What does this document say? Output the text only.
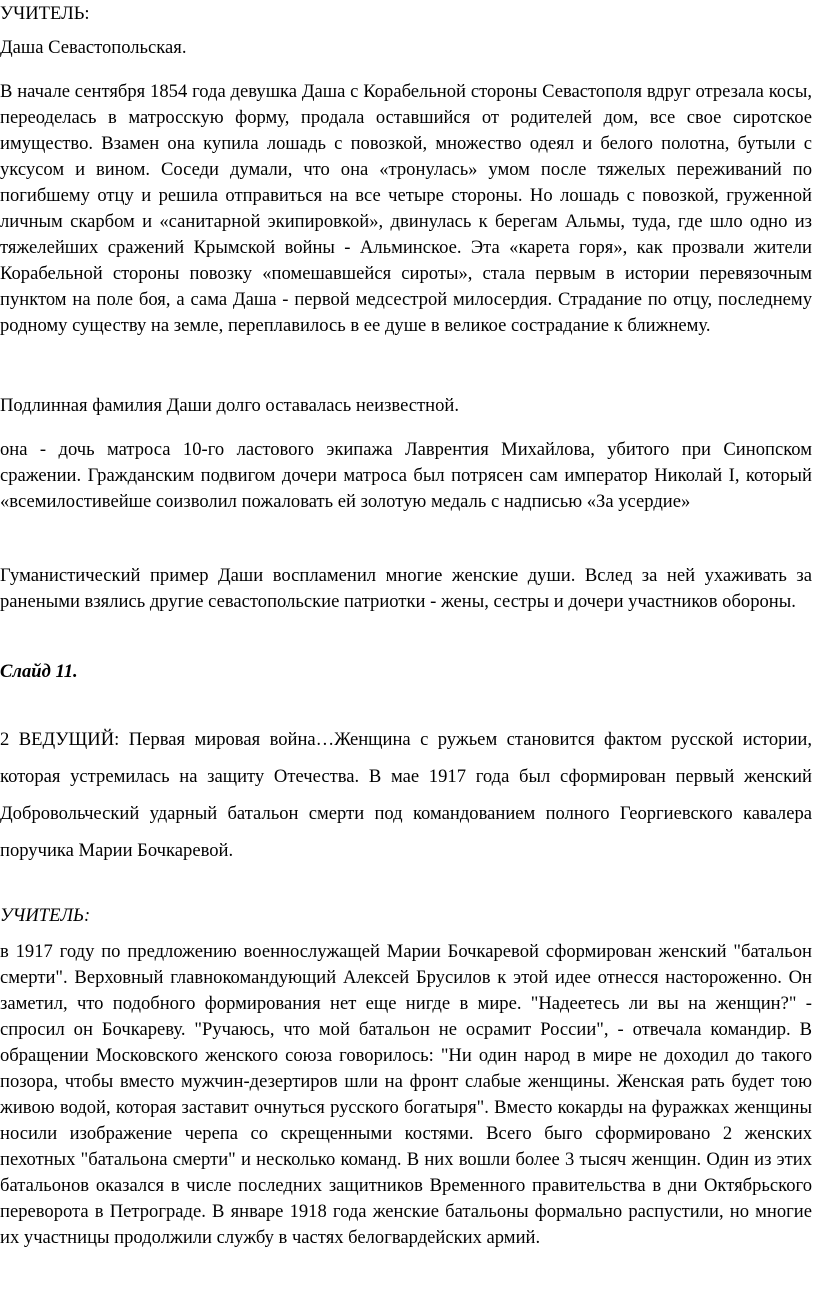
УЧИТЕЛЬ:

Даша Севастопольская.

В начале сентября 1854 года девушка Даша с Корабельной стороны Севастополя вдруг отрезала косы, переоделась в матросскую форму, продала оставшийся от родителей дом, все свое сиротское имущество. Взамен она купила лошадь с повозкой, множество одеял и белого полотна, бутыли с уксусом и вином. Соседи думали, что она «тронулась» умом после тяжелых переживаний по погибшему отцу и решила отправиться на все четыре стороны. Но лошадь с повозкой, груженной личным скарбом и «санитарной экипировкой», двинулась к берегам Альмы, туда, где шло одно из тяжелейших сражений Крымской войны - Альминское. Эта «карета горя», как прозвали жители Корабельной стороны повозку «помешавшейся сироты», стала первым в истории перевязочным пунктом на поле боя, а сама Даша - первой медсестрой милосердия. Страдание по отцу, последнему родному существу на земле, переплавилось в ее душе в великое сострадание к ближнему.

Подлинная фамилия Даши долго оставалась неизвестной.

она - дочь матроса 10-го ластового экипажа Лаврентия Михайлова, убитого при Синопском сражении. Гражданским подвигом дочери матроса был потрясен сам император Николай I, который «всемилостивейше соизволил пожаловать ей золотую медаль с надписью «За усердие»

Гуманистический пример Даши воспламенил многие женские души. Вслед за ней ухаживать за ранеными взялись другие севастопольские патриотки - жены, сестры и дочери участников обороны.

Слайд 11.

2 ВЕДУЩИЙ: Первая мировая война…Женщина с ружьем становится фактом русской истории, которая устремилась на защиту Отечества. В мае 1917 года был сформирован первый женский Добровольческий ударный батальон смерти под командованием полного Георгиевского кавалера поручика Марии Бочкаревой.

УЧИТЕЛЬ:

в 1917 году по предложению военнослужащей Марии Бочкаревой сформирован женский "батальон смерти". Верховный главнокомандующий Алексей Брусилов к этой идее отнесся настороженно. Он заметил, что подобного формирования нет еще нигде в мире. "Надеетесь ли вы на женщин?" - спросил он Бочкареву. "Ручаюсь, что мой батальон не осрамит России", - отвечала командир. В обращении Московского женского союза говорилось: "Ни один народ в мире не доходил до такого позора, чтобы вместо мужчин-дезертиров шли на фронт слабые женщины. Женская рать будет тою живою водой, которая заставит очнуться русского богатыря". Вместо кокарды на фуражках женщины носили изображение черепа со скрещенными костями. Всего быго сформировано 2 женских пехотных "батальона смерти" и несколько команд. В них вошли более 3 тысяч женщин. Один из этих батальонов оказался в числе последних защитников Временного правительства в дни Октябрьского переворота в Петрограде. В январе 1918 года женские батальоны формально распустили, но многие их участницы продолжили службу в частях белогвардейских армий.
